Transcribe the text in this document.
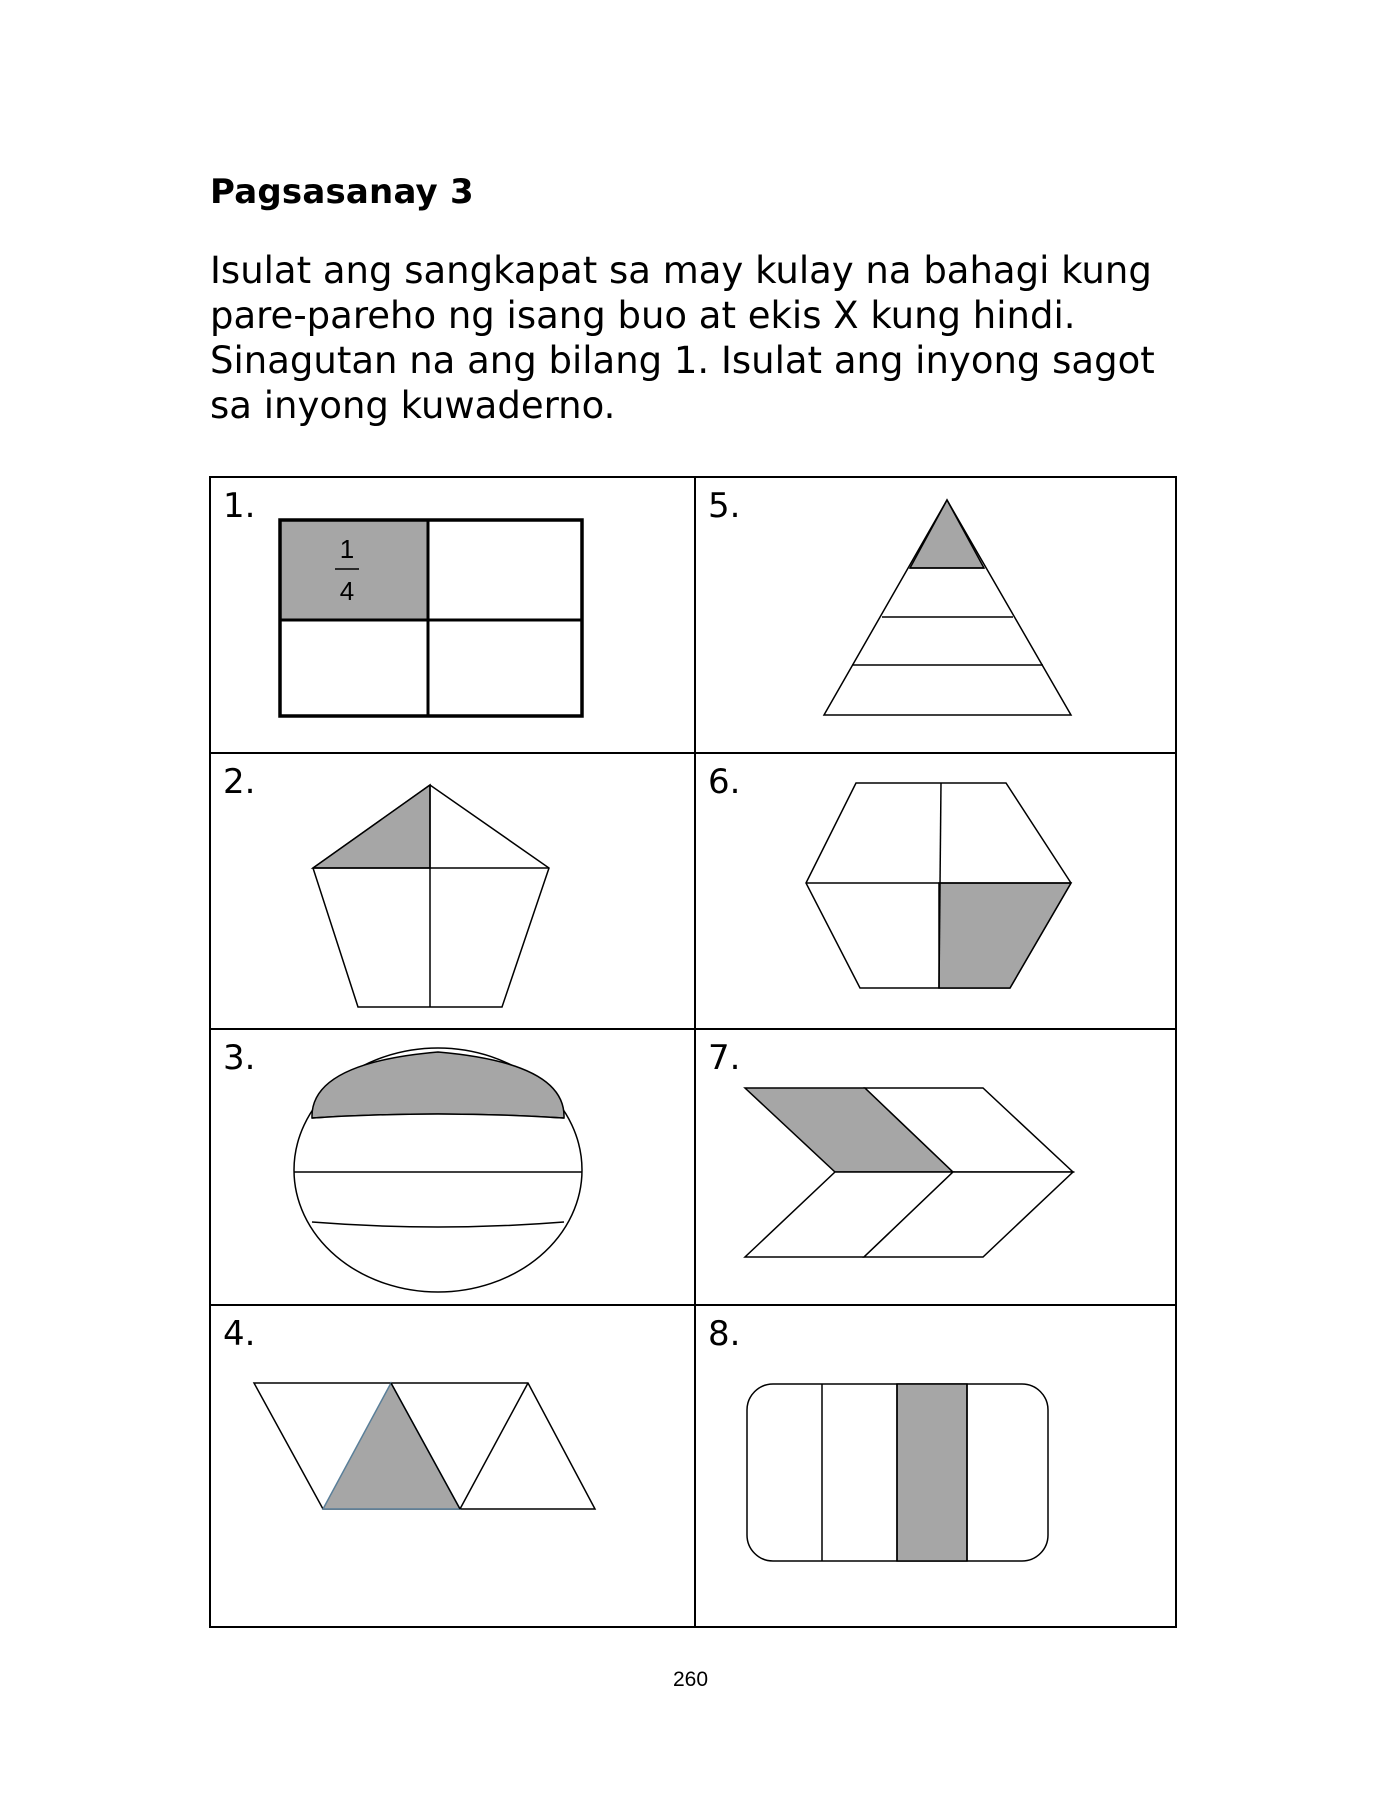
Pagsasanay 3
Isulat ang sangkapat sa may kulay na bahagi kung
pare-pareho ng isang buo at ekis X kung hindi.
Sinagutan na ang bilang 1. Isulat ang inyong sagot
sa inyong kuwaderno.
1.
2.
3.
4.
5.
6.
7.
8.
1
4
260
